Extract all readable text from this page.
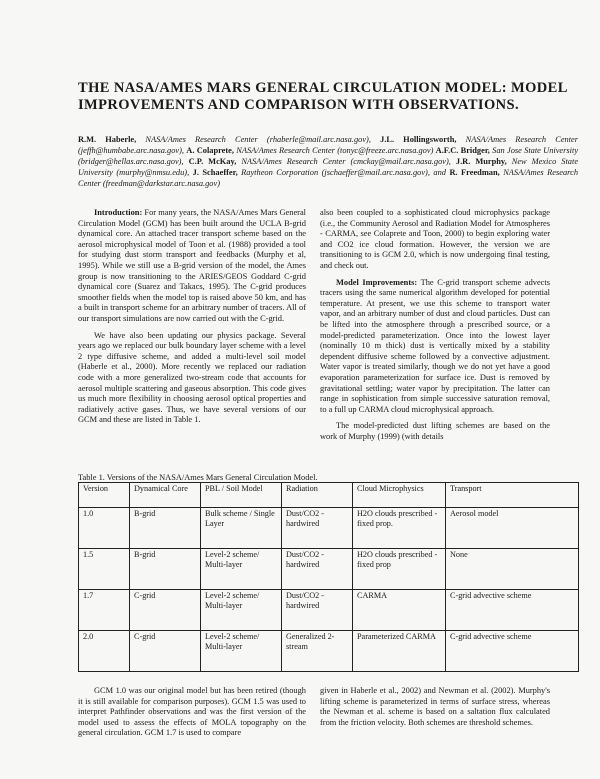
THE NASA/AMES MARS GENERAL CIRCULATION MODEL: MODEL IMPROVEMENTS AND COMPARISON WITH OBSERVATIONS.
R.M. Haberle, NASA/Ames Research Center (rhaberle@mail.arc.nasa.gov), J.L. Hollingsworth, NASA/Ames Research Center (jeffh@humbabe.arc.nasa.gov), A. Colaprete, NASA/Ames Research Center (tonyc@freeze.arc.nasa.gov) A.F.C. Bridger, San Jose State University (bridger@hellas.arc.nasa.gov), C.P. McKay, NASA/Ames Research Center (cmckay@mail.arc.nasa.gov), J.R. Murphy, New Mexico State University (murphy@nmsu.edu), J. Schaeffer, Raytheon Corporation (jschaeffer@mail.arc.nasa.gov), and R. Freedman, NASA/Ames Research Center (freedman@darkstar.arc.nasa.gov)

Introduction: For many years, the NASA/Ames Mars General Circulation Model (GCM) has been built around the UCLA B-grid dynamical core. An attached tracer transport scheme based on the aerosol microphysical model of Toon et al. (1988) provided a tool for studying dust storm transport and feedbacks (Murphy et al, 1995). While we still use a B-grid version of the model, the Ames group is now transitioning to the ARIES/GEOS Goddard C-grid dynamical core (Suarez and Takacs, 1995). The C-grid produces smoother fields when the model top is raised above 50 km, and has a built in transport scheme for an arbitrary number of tracers. All of our transport simulations are now carried out with the C-grid.

We have also been updating our physics package. Several years ago we replaced our bulk boundary layer scheme with a level 2 type diffusive scheme, and added a multi-level soil model (Haberle et al., 2000). More recently we replaced our radiation code with a more generalized two-stream code that accounts for aerosol multiple scattering and gaseous absorption. This code gives us much more flexibility in choosing aerosol optical properties and radiatively active gases. Thus, we have several versions of our GCM and these are listed in Table 1.

also been coupled to a sophisticated cloud microphysics package (i.e., the Community Aerosol and Radiation Model for Atmospheres - CARMA, see Colaprete and Toon, 2000) to begin exploring water and CO2 ice cloud formation. However, the version we are transitioning to is GCM 2.0, which is now undergoing final testing, and check out.

Model Improvements: The C-grid transport scheme advects tracers using the same numerical algorithm developed for potential temperature. At present, we use this scheme to transport water vapor, and an arbitrary number of dust and cloud particles. Dust can be lifted into the atmosphere through a prescribed source, or a model-predicted parameterization. Once into the lowest layer (nominally 10 m thick) dust is vertically mixed by a stability dependent diffusive scheme followed by a convective adjustment. Water vapor is treated similarly, though we do not yet have a good evaporation parameterization for surface ice. Dust is removed by gravitational settling; water vapor by precipitation. The latter can range in sophistication from simple successive saturation removal, to a full up CARMA cloud microphysical approach.

The model-predicted dust lifting schemes are based on the work of Murphy (1999) (with details

Table 1. Versions of the NASA/Ames Mars General Circulation Model.
Version	Dynamical Core	PBL / Soil Model	Radiation	Cloud Microphysics	Transport
1.0	B-grid	Bulk scheme / Single Layer	Dust/CO2 - hardwired	H2O clouds prescribed - fixed prop.	Aerosol model
1.5	B-grid	Level-2 scheme/ Multi-layer	Dust/CO2 - hardwired	H2O clouds prescribed - fixed prop	None
1.7	C-grid	Level-2 scheme/ Multi-layer	Dust/CO2 - hardwired	CARMA	C-grid advective scheme
2.0	C-grid	Level-2 scheme/ Multi-layer	Generalized 2-stream	Parameterized CARMA	C-grid advective scheme

GCM 1.0 was our original model but has been retired (though it is still available for comparison purposes). GCM 1.5 was used to interpret Pathfinder observations and was the first version of the model used to assess the effects of MOLA topography on the general circulation. GCM 1.7 is used to compare

given in Haberle et al., 2002) and Newman et al. (2002). Murphy's lifting scheme is parameterized in terms of surface stress, whereas the Newman et al. scheme is based on a saltation flux calculated from the friction velocity. Both schemes are threshold schemes.
